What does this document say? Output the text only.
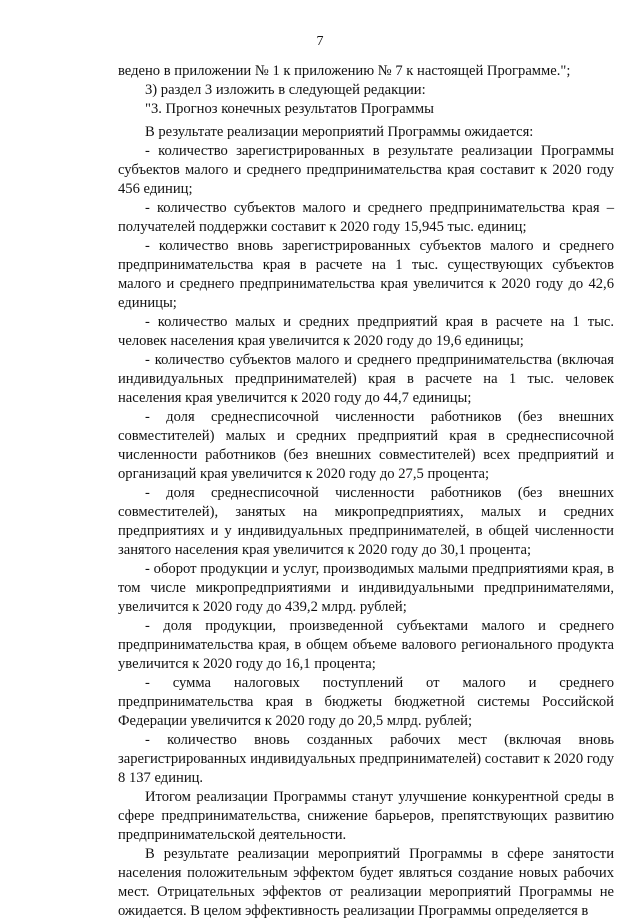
7

ведено в приложении № 1 к приложению № 7 к настоящей Программе.";

3) раздел 3 изложить в следующей редакции:

"3. Прогноз конечных результатов Программы

В результате реализации мероприятий Программы ожидается:

- количество зарегистрированных в результате реализации Программы субъектов малого и среднего предпринимательства края составит к 2020 году 456 единиц;

- количество субъектов малого и среднего предпринимательства края – получателей поддержки составит к 2020 году 15,945 тыс. единиц;

- количество вновь зарегистрированных субъектов малого и среднего предпринимательства края в расчете на 1 тыс. существующих субъектов малого и среднего предпринимательства края увеличится к 2020 году до 42,6 единицы;

- количество малых и средних предприятий края в расчете на 1 тыс. человек населения края увеличится к 2020 году до 19,6 единицы;

- количество субъектов малого и среднего предпринимательства (включая индивидуальных предпринимателей) края в расчете на 1 тыс. человек населения края увеличится к 2020 году до 44,7 единицы;

- доля среднесписочной численности работников (без внешних совместителей) малых и средних предприятий края в среднесписочной численности работников (без внешних совместителей) всех предприятий и организаций края увеличится к 2020 году до 27,5 процента;

- доля среднесписочной численности работников (без внешних совместителей), занятых на микропредприятиях, малых и средних предприятиях и у индивидуальных предпринимателей, в общей численности занятого населения края увеличится к 2020 году до 30,1 процента;

- оборот продукции и услуг, производимых малыми предприятиями края, в том числе микропредприятиями и индивидуальными предпринимателями, увеличится к 2020 году до 439,2 млрд. рублей;

- доля продукции, произведенной субъектами малого и среднего предпринимательства края, в общем объеме валового регионального продукта увеличится к 2020 году до 16,1 процента;

- сумма налоговых поступлений от малого и среднего предпринимательства края в бюджеты бюджетной системы Российской Федерации увеличится к 2020 году до 20,5 млрд. рублей;

- количество вновь созданных рабочих мест (включая вновь зарегистрированных индивидуальных предпринимателей) составит к 2020 году 8 137 единиц.

Итогом реализации Программы станут улучшение конкурентной среды в сфере предпринимательства, снижение барьеров, препятствующих развитию предпринимательской деятельности.

В результате реализации мероприятий Программы в сфере занятости населения положительным эффектом будет являться создание новых рабочих мест. Отрицательных эффектов от реализации мероприятий Программы не ожидается. В целом эффективность реализации Программы определяется в
